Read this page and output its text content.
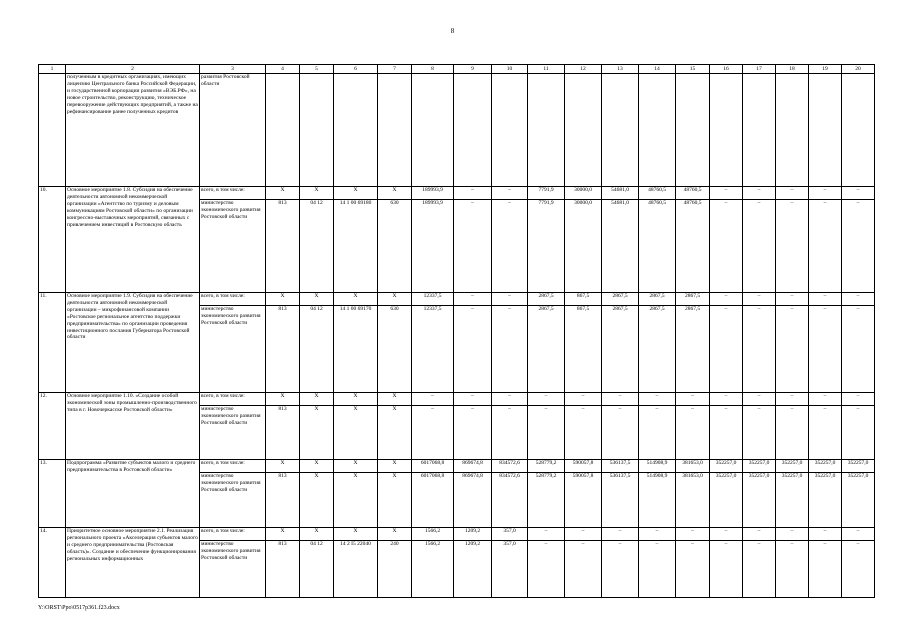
8
1	2	3	4	5	6	7	8	9	10	11	12	13	14	15	16	17	18	19	20
	полученным в кредитных организациях, имеющих лицензию Центрального банка Российской Федерации, и государственной корпорации развития «ВЭБ.РФ», на новое строительство, реконструкцию, техническое перевооружение действующих предприятий, а также на рефинансирование ранее полученных кредитов	развития Ростовской области																	
10.	Основное мероприятие 1.8. Субсидия на обеспечение деятельности автономной некоммерческой организации «Агентство по туризму и деловым коммуникациям Ростовской области» по организации конгрессно-выставочных мероприятий, связанных с привлечением инвестиций в Ростовскую область	всего, в том числе:	X	X	X	X	189993,9	–	–	7791,9	30000,0	54681,0	48760,5	48760,5	–	–	–	–	–
		министерство экономического развития Ростовской области	813	04 12	14 1 00 69180	630	189993,9	–	–	7791,9	30000,0	54681,0	48760,5	48760,5	–	–	–	–	–
11.	Основное мероприятие 1.9. Субсидия на обеспечение деятельности автономной некоммерческой организации – микрофинансовой компании «Ростовское региональное агентство поддержки предпринимательства» по организации проведения инвестиционного послания Губернатора Ростовской области	всего, в том числе:	X	X	X	X	12337,5	–	–	2867,5	867,5	2867,5	2867,5	2867,5	–	–	–	–	–
		министерство экономического развития Ростовской области	813	04 12	14 1 00 69170	630	12337,5	–	–	2867,5	867,5	2867,5	2867,5	2867,5	–	–	–	–	–
12.	Основное мероприятие 1.10. «Создание особой экономической зоны промышленно-производственного типа в г. Новочеркасске Ростовской области»	всего, в том числе:	X	X	X	X	–	–	–	–	–	–	–	–	–	–	–	–	–
		министерство экономического развития Ростовской области	813	X	X	X	–	–	–	–	–	–	–	–	–	–	–	–	–
13.	Подпрограмма «Развитие субъектов малого и среднего предпринимательства в Ростовской области»	всего, в том числе:	X	X	X	X	6017068,8	869674,8	834572,6	528779,2	590057,8	536137,5	514908,9	381653,0	352257,0	352257,0	352257,0	352257,0	352257,0
		министерство экономического развития Ростовской области	813	X	X	X	6017068,8	869674,8	834572,6	528779,2	590057,8	536137,5	514908,9	381653,0	352257,0	352257,0	352257,0	352257,0	352257,0
14.	Приоритетное основное мероприятие 2.1. Реализация регионального проекта «Акселерация субъектов малого и среднего предпринимательства (Ростовская область)». Создание и обеспечение функционирования региональных информационных	всего, в том числе:	X	X	X	X	1566,2	1209,2	357,0	–	–	–	–	–	–	–	–	–	–
		министерство экономического развития Ростовской области	813	04 12	14 2 I5 22040	240	1566,2	1209,2	357,0	–	–	–	–	–	–	–	–	–	–
Y:\ORST\Ppo\0517p361.f23.docx
